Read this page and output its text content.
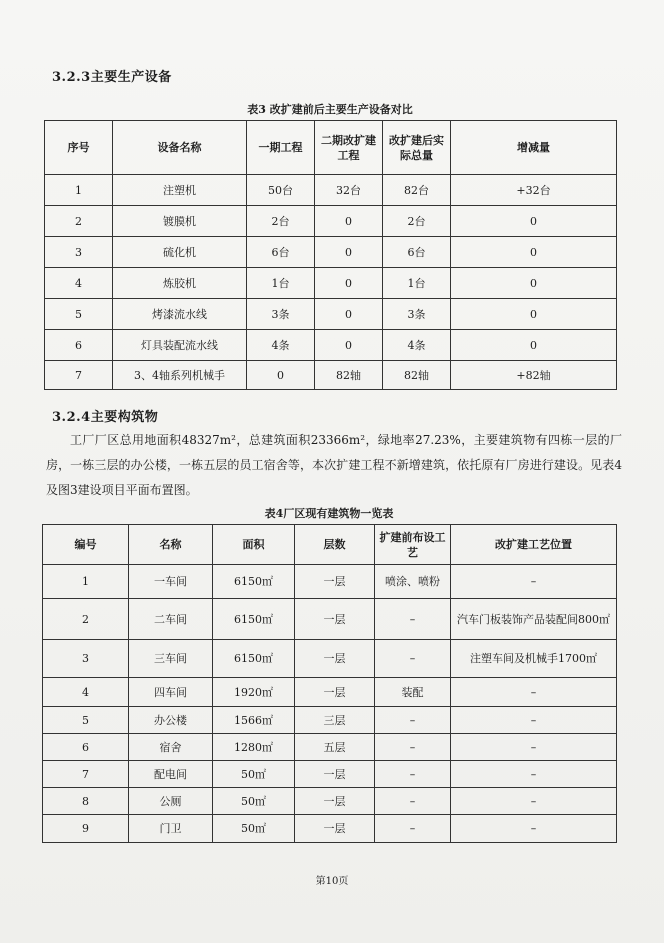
3.2.3主要生产设备
表3 改扩建前后主要生产设备对比
序号	设备名称	一期工程	二期改扩建工程	改扩建后实际总量	增减量
1	注塑机	50台	32台	82台	+32台
2	镀膜机	2台	0	2台	0
3	硫化机	6台	0	6台	0
4	炼胶机	1台	0	1台	0
5	烤漆流水线	3条	0	3条	0
6	灯具装配流水线	4条	0	4条	0
7	3、4轴系列机械手	0	82轴	82轴	+82轴
3.2.4主要构筑物
工厂厂区总用地面积48327m²，总建筑面积23366m²，绿地率27.23%，主要建筑物有四栋一层的厂房，一栋三层的办公楼，一栋五层的员工宿舍等，本次扩建工程不新增建筑，依托原有厂房进行建设。见表4及图3建设项目平面布置图。
表4厂区现有建筑物一览表
编号	名称	面积	层数	扩建前布设工艺	改扩建工艺位置
1	一车间	6150㎡	一层	喷涂、喷粉	–
2	二车间	6150㎡	一层	–	汽车门板装饰产品装配间800㎡
3	三车间	6150㎡	一层	–	注塑车间及机械手1700㎡
4	四车间	1920㎡	一层	装配	–
5	办公楼	1566㎡	三层	–	–
6	宿舍	1280㎡	五层	–	–
7	配电间	50㎡	一层	–	–
8	公厕	50㎡	一层	–	–
9	门卫	50㎡	一层	–	–
第10页
